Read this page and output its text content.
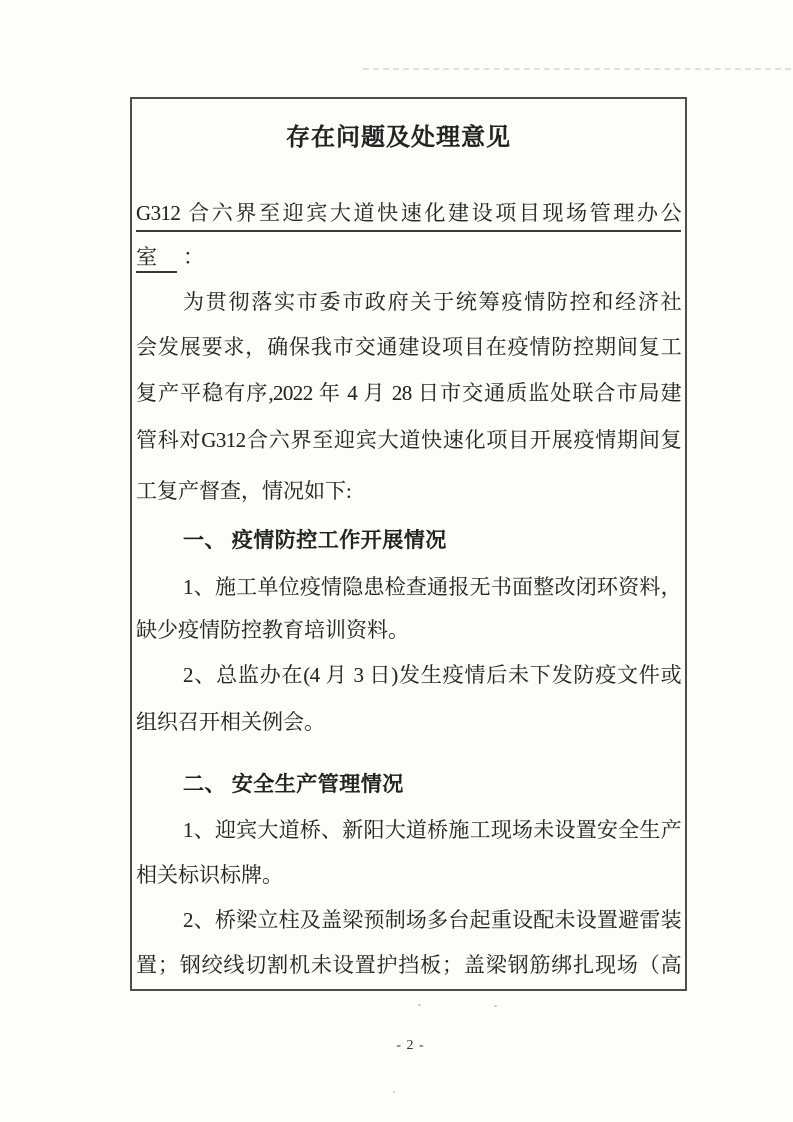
存在问题及处理意见
G312 合六界至迎宾大道快速化建设项目现场管理办公
室 ：
为贯彻落实市委市政府关于统筹疫情防控和经济社
会发展要求，确保我市交通建设项目在疫情防控期间复工
复产平稳有序,2022 年 4 月 28 日市交通质监处联合市局建
管科对G312合六界至迎宾大道快速化项目开展疫情期间复
工复产督查，情况如下:
一、 疫情防控工作开展情况
1、施工单位疫情隐患检查通报无书面整改闭环资料，
缺少疫情防控教育培训资料。
2、总监办在(4 月 3 日)发生疫情后未下发防疫文件或
组织召开相关例会。
二、 安全生产管理情况
1、迎宾大道桥、新阳大道桥施工现场未设置安全生产
相关标识标牌。
2、桥梁立柱及盖梁预制场多台起重设配未设置避雷装
置；钢绞线切割机未设置护挡板；盖梁钢筋绑扎现场（高
- 2 -
